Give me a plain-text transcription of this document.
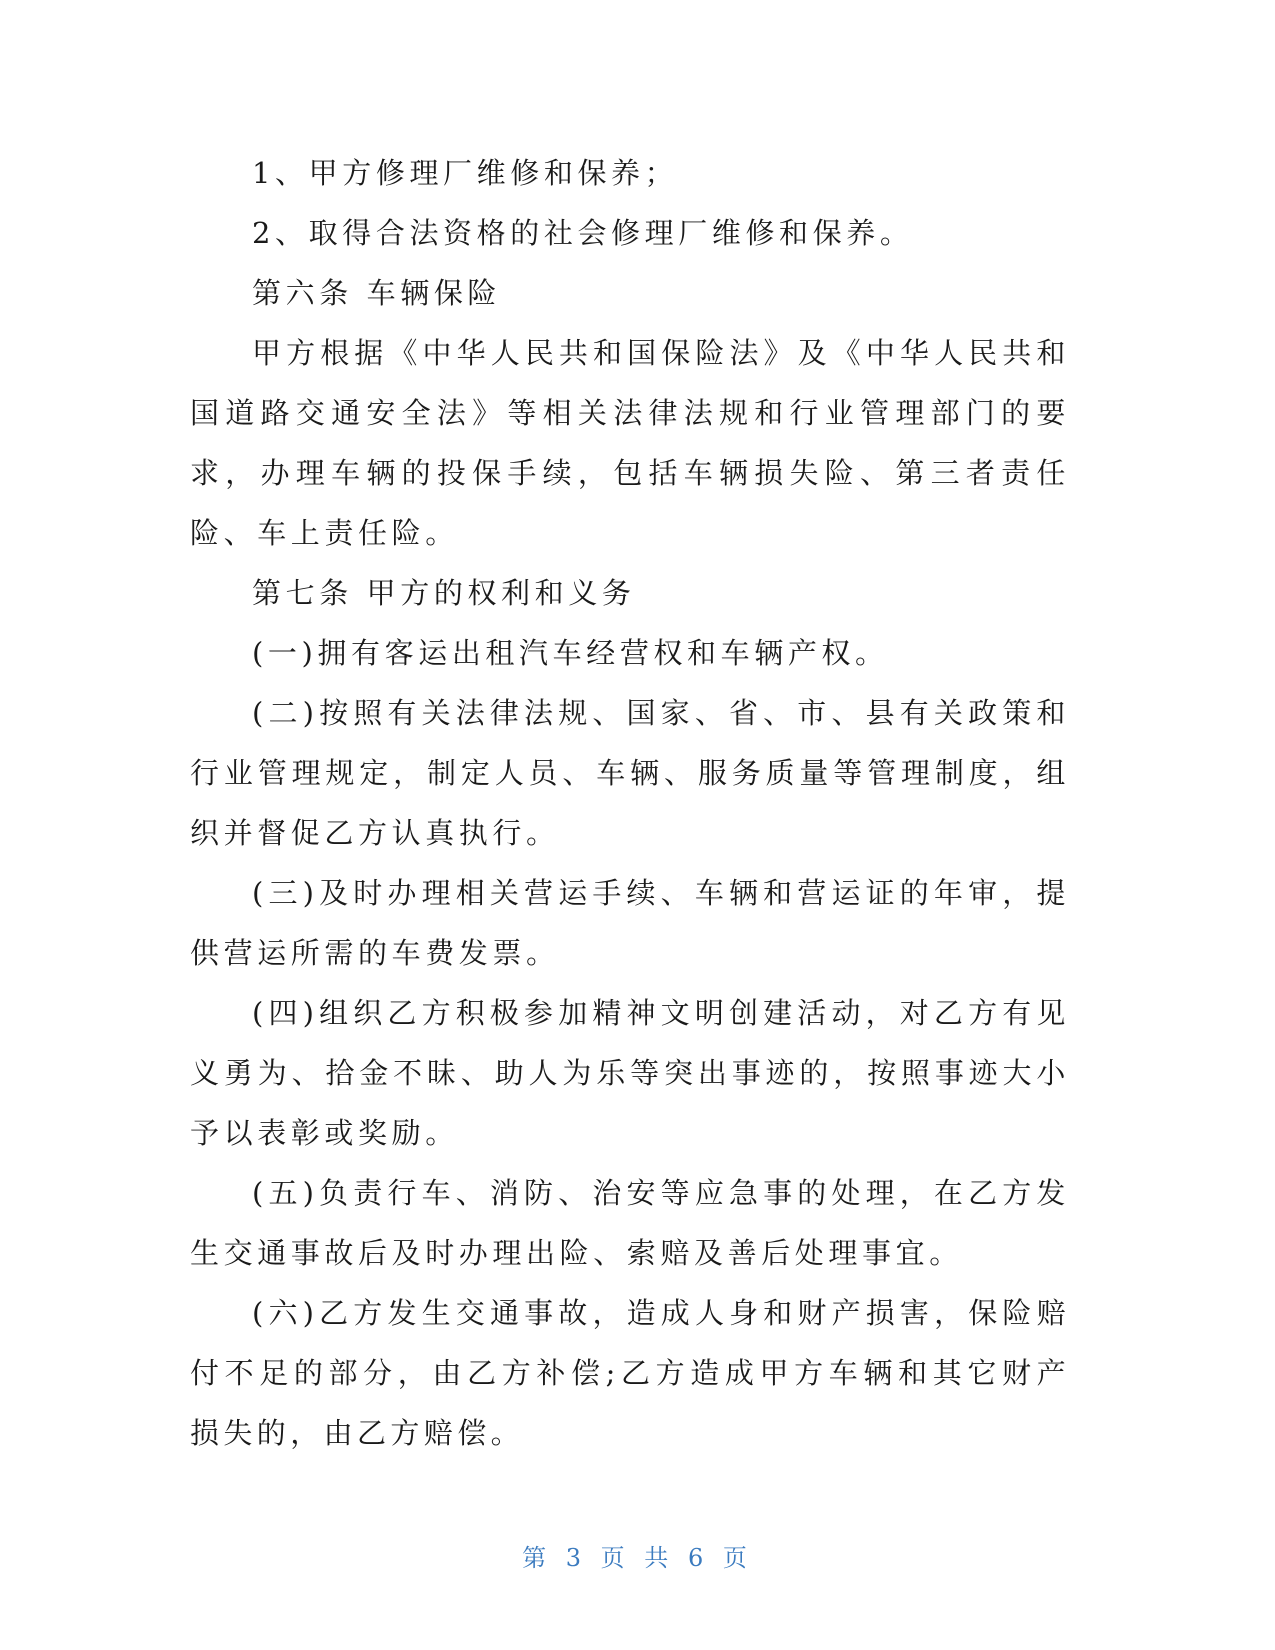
1、甲方修理厂维修和保养；

2、取得合法资格的社会修理厂维修和保养。

第六条 车辆保险

甲方根据《中华人民共和国保险法》及《中华人民共和国道路交通安全法》等相关法律法规和行业管理部门的要求，办理车辆的投保手续，包括车辆损失险、第三者责任险、车上责任险。

第七条 甲方的权利和义务

(一)拥有客运出租汽车经营权和车辆产权。

(二)按照有关法律法规、国家、省、市、县有关政策和行业管理规定，制定人员、车辆、服务质量等管理制度，组织并督促乙方认真执行。

(三)及时办理相关营运手续、车辆和营运证的年审，提供营运所需的车费发票。

(四)组织乙方积极参加精神文明创建活动，对乙方有见义勇为、拾金不昧、助人为乐等突出事迹的，按照事迹大小予以表彰或奖励。

(五)负责行车、消防、治安等应急事的处理，在乙方发生交通事故后及时办理出险、索赔及善后处理事宜。

(六)乙方发生交通事故，造成人身和财产损害，保险赔付不足的部分，由乙方补偿;乙方造成甲方车辆和其它财产损失的，由乙方赔偿。

第 3 页 共 6 页
